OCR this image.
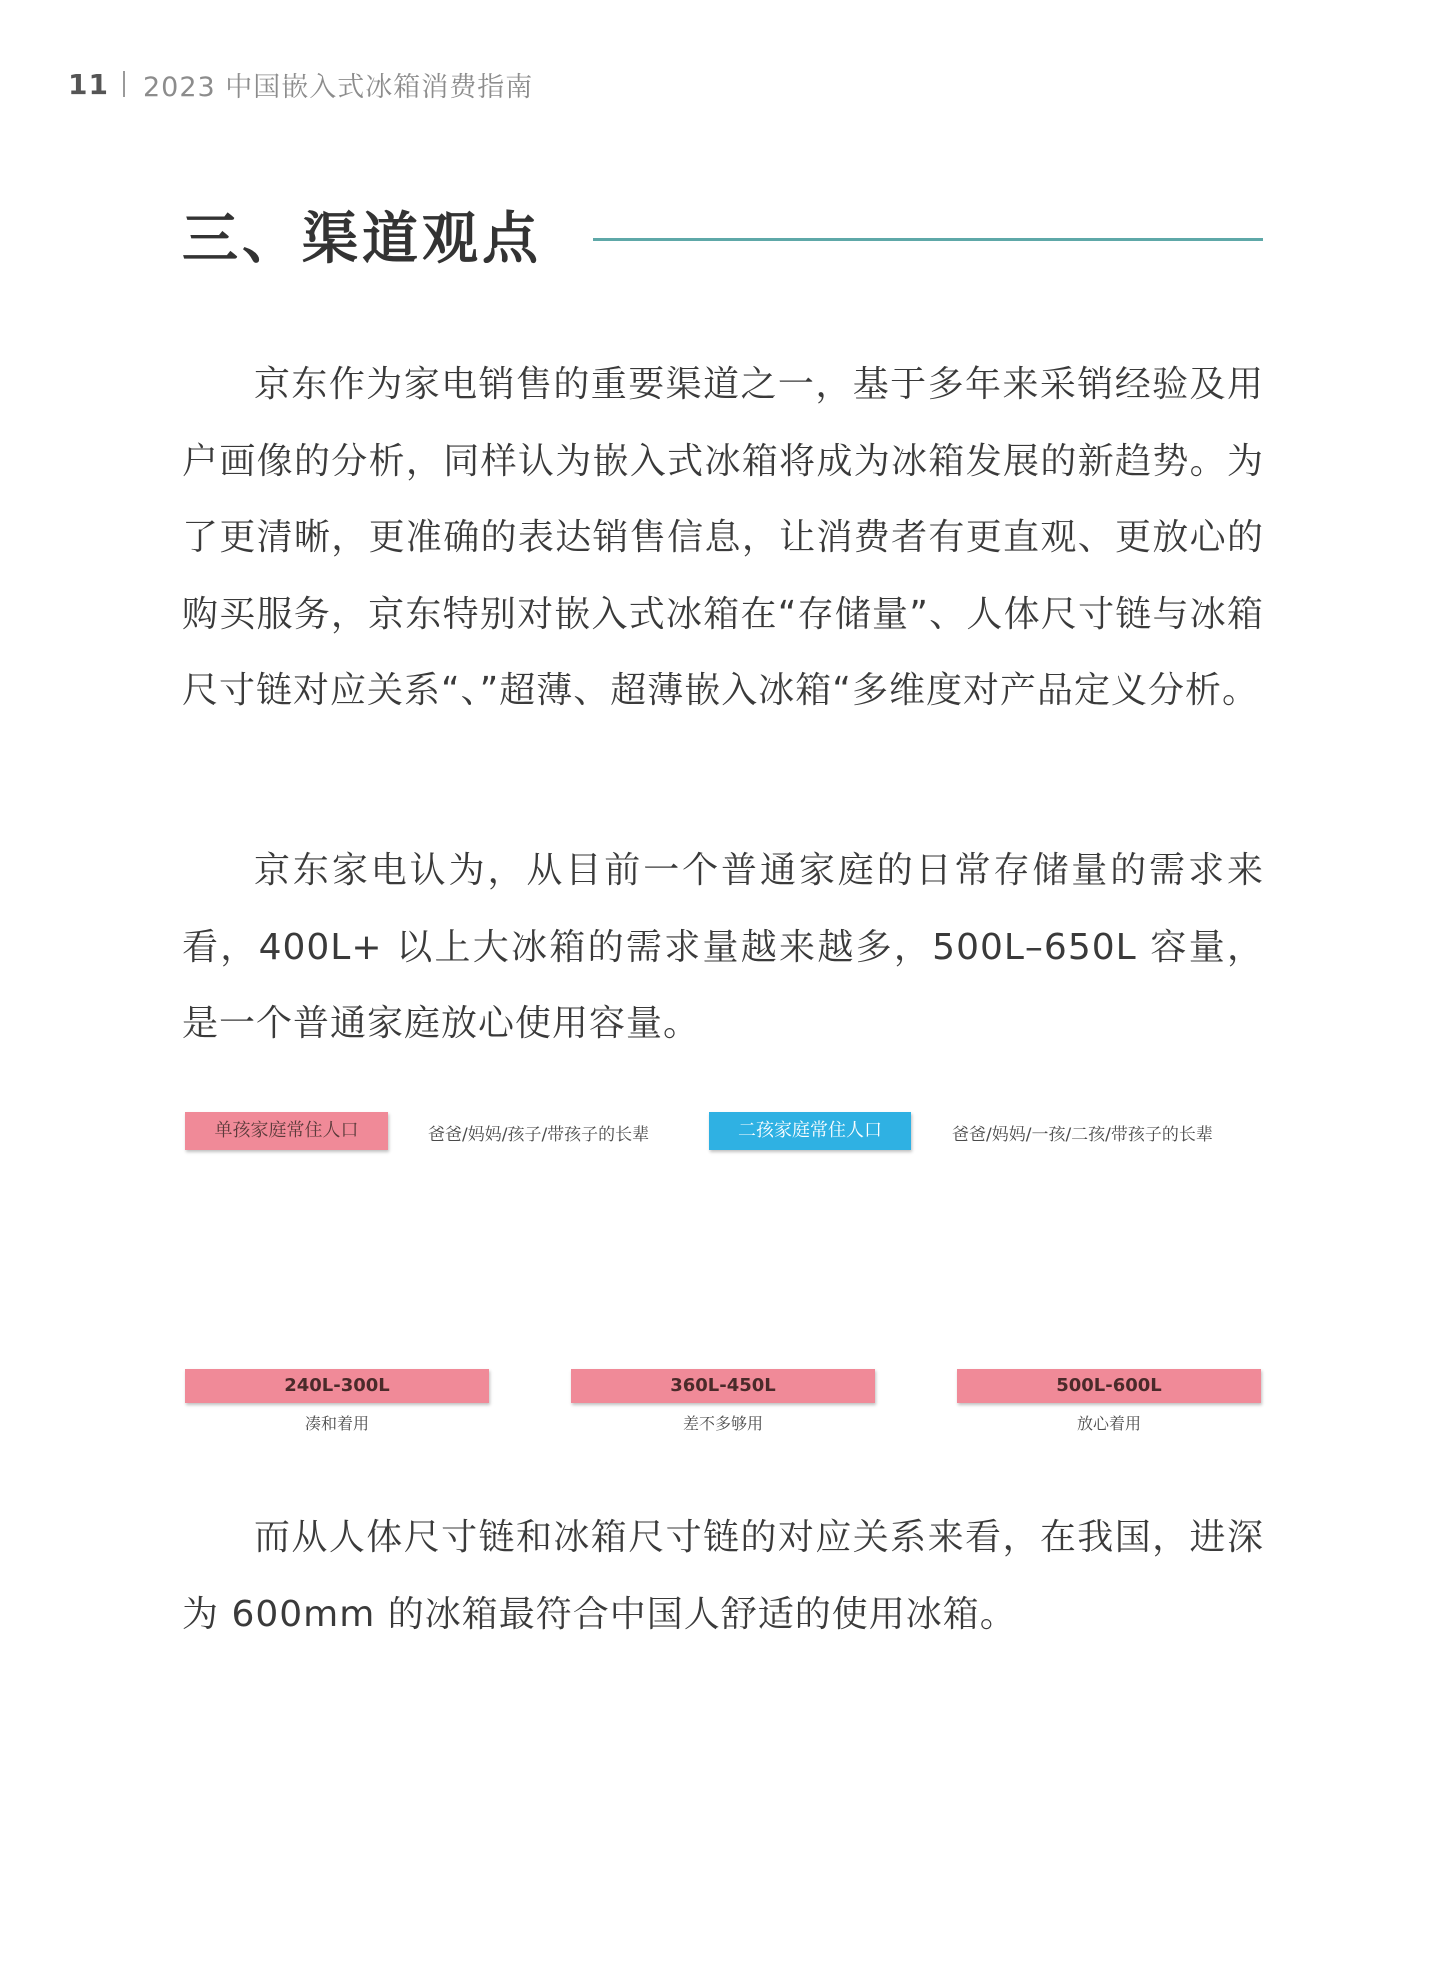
11 2023 中国嵌入式冰箱消费指南
三、渠道观点

京东作为家电销售的重要渠道之一，基于多年来采销经验及用户画像的分析，同样认为嵌入式冰箱将成为冰箱发展的新趋势。为了更清晰，更准确的表达销售信息，让消费者有更直观、更放心的购买服务，京东特别对嵌入式冰箱在“存储量”、人体尺寸链与冰箱尺寸链对应关系“、”超薄、超薄嵌入冰箱“多维度对产品定义分析。

京东家电认为，从目前一个普通家庭的日常存储量的需求来看，400L+ 以上大冰箱的需求量越来越多，500L–650L 容量，是一个普通家庭放心使用容量。

单孩家庭常住人口	爸爸/妈妈/孩子/带孩子的长辈	二孩家庭常住人口	爸爸/妈妈/一孩/二孩/带孩子的长辈
240L-300L
凑和着用
360L-450L
差不多够用
500L-600L
放心着用

而从人体尺寸链和冰箱尺寸链的对应关系来看，在我国，进深为 600mm 的冰箱最符合中国人舒适的使用冰箱。
